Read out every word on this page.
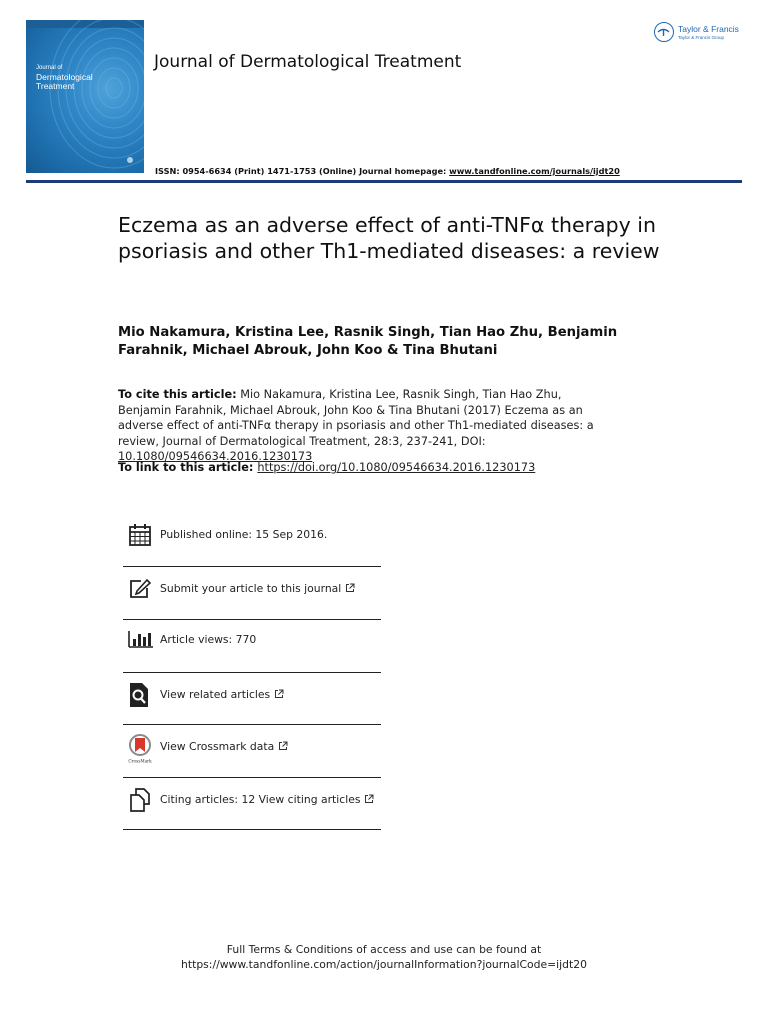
Journal of
Dermatological
Treatment
Journal of Dermatological Treatment
ISSN: 0954-6634 (Print) 1471-1753 (Online) Journal homepage: www.tandfonline.com/journals/ijdt20
Taylor & Francis
Taylor & Francis Group
Eczema as an adverse effect of anti-TNFα therapy in psoriasis and other Th1-mediated diseases: a review
Mio Nakamura, Kristina Lee, Rasnik Singh, Tian Hao Zhu, Benjamin Farahnik, Michael Abrouk, John Koo & Tina Bhutani
To cite this article: Mio Nakamura, Kristina Lee, Rasnik Singh, Tian Hao Zhu, Benjamin Farahnik, Michael Abrouk, John Koo & Tina Bhutani (2017) Eczema as an adverse effect of anti-TNFα therapy in psoriasis and other Th1-mediated diseases: a review, Journal of Dermatological Treatment, 28:3, 237-241, DOI: 10.1080/09546634.2016.1230173
To link to this article: https://doi.org/10.1080/09546634.2016.1230173
Published online: 15 Sep 2016.
Submit your article to this journal
Article views: 770
View related articles
CrossMark
View Crossmark data
Citing articles: 12 View citing articles
Full Terms & Conditions of access and use can be found at
https://www.tandfonline.com/action/journalInformation?journalCode=ijdt20
